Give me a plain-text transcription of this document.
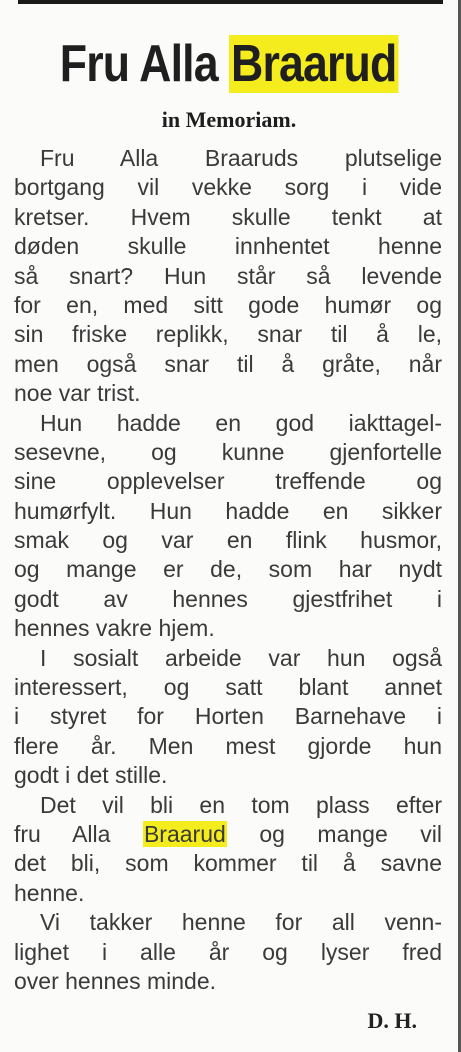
Fru Alla Braarud
in Memoriam.
Fru Alla Braaruds plutselige
bortgang vil vekke sorg i vide
kretser. Hvem skulle tenkt at
døden skulle innhentet henne
så snart? Hun står så levende
for en, med sitt gode humør og
sin friske replikk, snar til å le,
men også snar til å gråte, når
noe var trist.
Hun hadde en god iakttagel-
sesevne, og kunne gjenfortelle
sine opplevelser treffende og
humørfylt. Hun hadde en sikker
smak og var en flink husmor,
og mange er de, som har nydt
godt av hennes gjestfrihet i
hennes vakre hjem.
I sosialt arbeide var hun også
interessert, og satt blant annet
i styret for Horten Barnehave i
flere år. Men mest gjorde hun
godt i det stille.
Det vil bli en tom plass efter
fru Alla Braarud og mange vil
det bli, som kommer til å savne
henne.
Vi takker henne for all venn-
lighet i alle år og lyser fred
over hennes minde.
D. H.
